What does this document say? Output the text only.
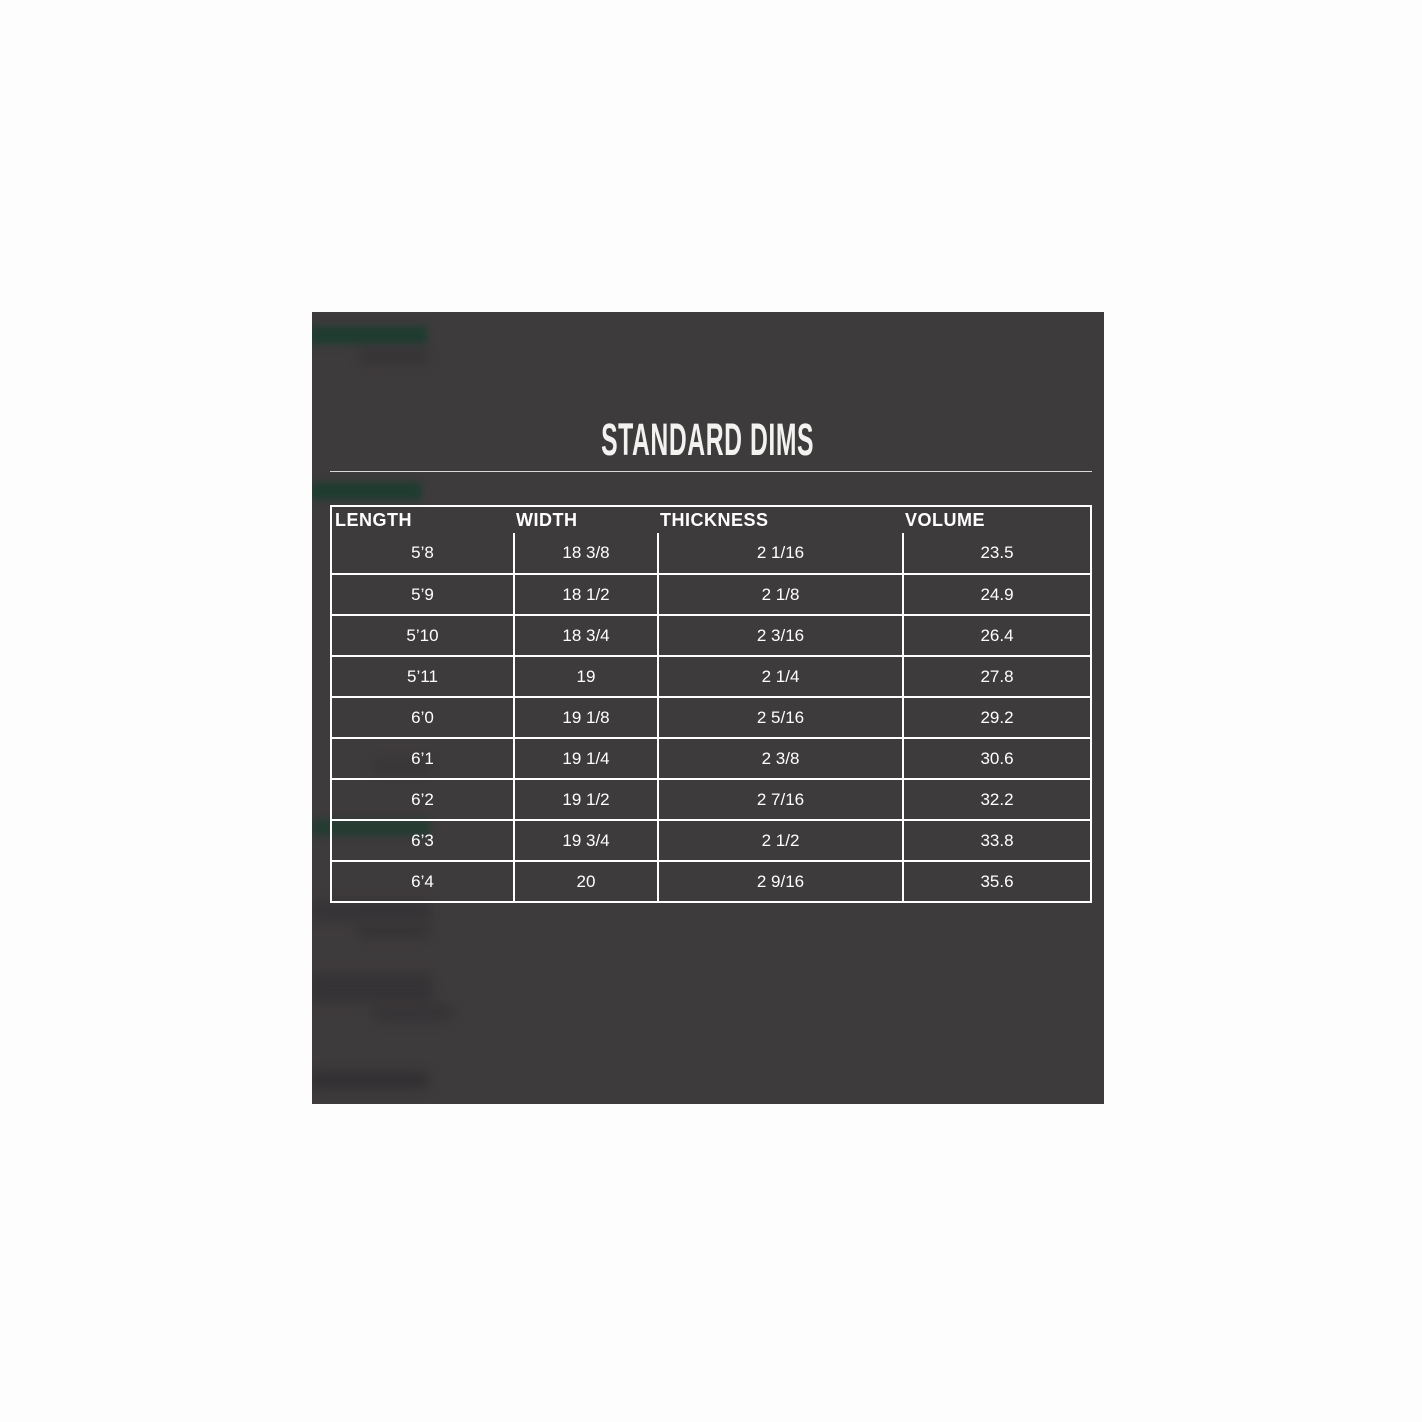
STANDARD DIMS
LENGTH	WIDTH	THICKNESS	VOLUME
5’8	18 3/8	2 1/16	23.5
5’9	18 1/2	2 1/8	24.9
5’10	18 3/4	2 3/16	26.4
5’11	19	2 1/4	27.8
6’0	19 1/8	2 5/16	29.2
6’1	19 1/4	2 3/8	30.6
6’2	19 1/2	2 7/16	32.2
6’3	19 3/4	2 1/2	33.8
6’4	20	2 9/16	35.6
